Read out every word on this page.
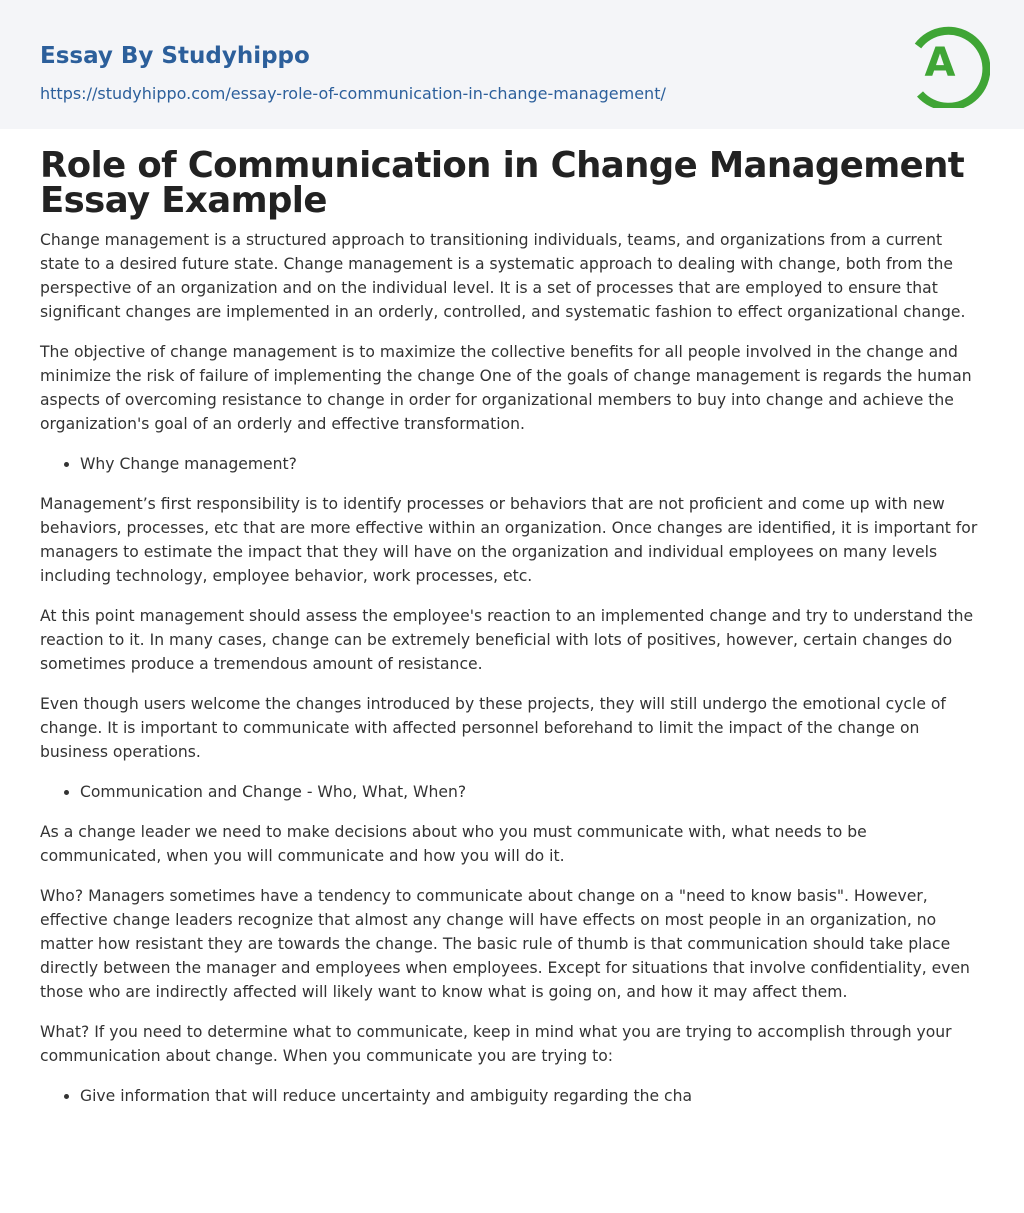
Essay By Studyhippo
https://studyhippo.com/essay-role-of-communication-in-change-management/
A
Role of Communication in Change Management Essay Example

Change management is a structured approach to transitioning individuals, teams, and organizations from a current state to a desired future state. Change management is a systematic approach to dealing with change, both from the perspective of an organization and on the individual level. It is a set of processes that are employed to ensure that significant changes are implemented in an orderly, controlled, and systematic fashion to effect organizational change.

The objective of change management is to maximize the collective benefits for all people involved in the change and minimize the risk of failure of implementing the change One of the goals of change management is regards the human aspects of overcoming resistance to change in order for organizational members to buy into change and achieve the organization's goal of an orderly and effective transformation.

• Why Change management?

Management’s first responsibility is to identify processes or behaviors that are not proficient and come up with new behaviors, processes, etc that are more effective within an organization. Once changes are identified, it is important for managers to estimate the impact that they will have on the organization and individual employees on many levels including technology, employee behavior, work processes, etc.

At this point management should assess the employee's reaction to an implemented change and try to understand the reaction to it. In many cases, change can be extremely beneficial with lots of positives, however, certain changes do sometimes produce a tremendous amount of resistance.

Even though users welcome the changes introduced by these projects, they will still undergo the emotional cycle of change. It is important to communicate with affected personnel beforehand to limit the impact of the change on business operations.

• Communication and Change - Who, What, When?

As a change leader we need to make decisions about who you must communicate with, what needs to be communicated, when you will communicate and how you will do it.

Who? Managers sometimes have a tendency to communicate about change on a "need to know basis". However, effective change leaders recognize that almost any change will have effects on most people in an organization, no matter how resistant they are towards the change. The basic rule of thumb is that communication should take place directly between the manager and employees when employees. Except for situations that involve confidentiality, even those who are indirectly affected will likely want to know what is going on, and how it may affect them.

What? If you need to determine what to communicate, keep in mind what you are trying to accomplish through your communication about change. When you communicate you are trying to:

• Give information that will reduce uncertainty and ambiguity regarding the cha
